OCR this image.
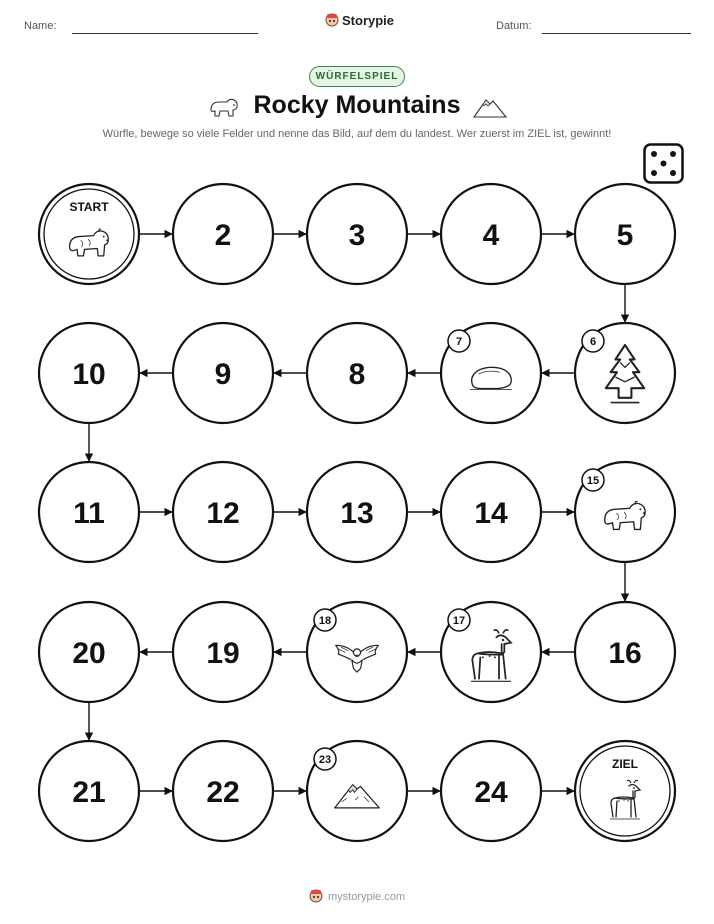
Name:	Storypie	Datum:
WÜRFELSPIEL
Rocky Mountains
Würfle, bewege so viele Felder und nenne das Bild, auf dem du landest. Wer zuerst im ZIEL ist, gewinnt!
START
2	3	4	5
6
7
8
9
10
11	12	13	14
15
16
17
18
19
20
21	22
23
24
ZIEL
mystorypie.com
